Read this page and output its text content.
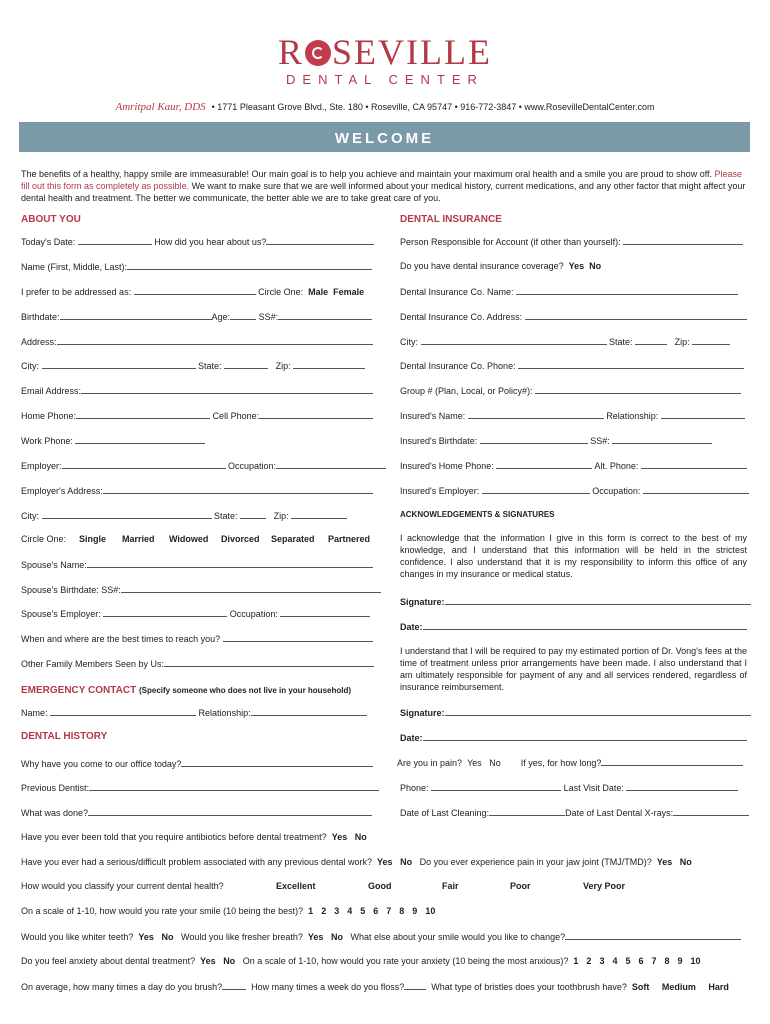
R SEVILLE
DENTAL CENTER
Amritpal Kaur, DDS • 1771 Pleasant Grove Blvd., Ste. 180 • Roseville, CA 95747 • 916-772-3847 • www.RosevilleDentalCenter.com
WELCOME
The benefits of a healthy, happy smile are immeasurable! Our main goal is to help you achieve and maintain your maximum oral health and a smile you are proud to show off. Please fill out this form as completely as possible. We want to make sure that we are well informed about your medical history, current medications, and any other factor that might affect your dental health and treatment. The better we communicate, the better able we are to take great care of you.
ABOUT YOU
Today's Date:	How did you hear about us?
Name (First, Middle, Last):
I prefer to be addressed as:	Circle One: Male Female
Birthdate:	Age:	SS#:
Address:
City:	State:	Zip:
Email Address:
Home Phone:	Cell Phone:
Work Phone:
Employer:	Occupation:
Employer's Address:
City:	State:	Zip:
Circle One: Single Married Widowed Divorced Separated Partnered
Spouse's Name:
Spouse's Birthdate: SS#:
Spouse's Employer:	Occupation:
When and where are the best times to reach you?
Other Family Members Seen by Us:
EMERGENCY CONTACT (Specify someone who does not live in your household)
Name:	Relationship:
DENTAL HISTORY
Why have you come to our office today?
Previous Dentist:
What was done?
DENTAL INSURANCE
Person Responsible for Account (if other than yourself):
Do you have dental insurance coverage? Yes No
Dental Insurance Co. Name:
Dental Insurance Co. Address:
City:	State:	Zip:
Dental Insurance Co. Phone:
Group # (Plan, Local, or Policy#):
Insured's Name:	Relationship:
Insured's Birthdate:	SS#:
Insured's Home Phone:	Alt. Phone:
Insured's Employer:	Occupation:
ACKNOWLEDGEMENTS & SIGNATURES
I acknowledge that the information I give in this form is correct to the best of my knowledge, and I understand that this information will be held in the strictest confidence. I also understand that it is my responsibility to inform this office of any changes in my insurance or medical status.
Signature:
Date:
I understand that I will be required to pay my estimated portion of Dr. Vong's fees at the time of treatment unless prior arrangements have been made. I also understand that I am ultimately responsible for payment of any and all services rendered, regardless of insurance reimbursement.
Signature:
Date:
Are you in pain? Yes No If yes, for how long?
Phone:	Last Visit Date:
Date of Last Cleaning:	Date of Last Dental X-rays:
Have you ever been told that you require antibiotics before dental treatment? Yes No
Have you ever had a serious/difficult problem associated with any previous dental work? Yes No Do you ever experience pain in your jaw joint (TMJ/TMD)? Yes No
How would you classify your current dental health?	Excellent	Good	Fair	Poor	Very Poor
On a scale of 1-10, how would you rate your smile (10 being the best)? 1 2 3 4 5 6 7 8 9 10
Would you like whiter teeth? Yes No Would you like fresher breath? Yes No What else about your smile would you like to change?
Do you feel anxiety about dental treatment? Yes No On a scale of 1-10, how would you rate your anxiety (10 being the most anxious)? 1 2 3 4 5 6 7 8 9 10
On average, how many times a day do you brush?	How many times a week do you floss?	What type of bristles does your toothbrush have? Soft Medium Hard
